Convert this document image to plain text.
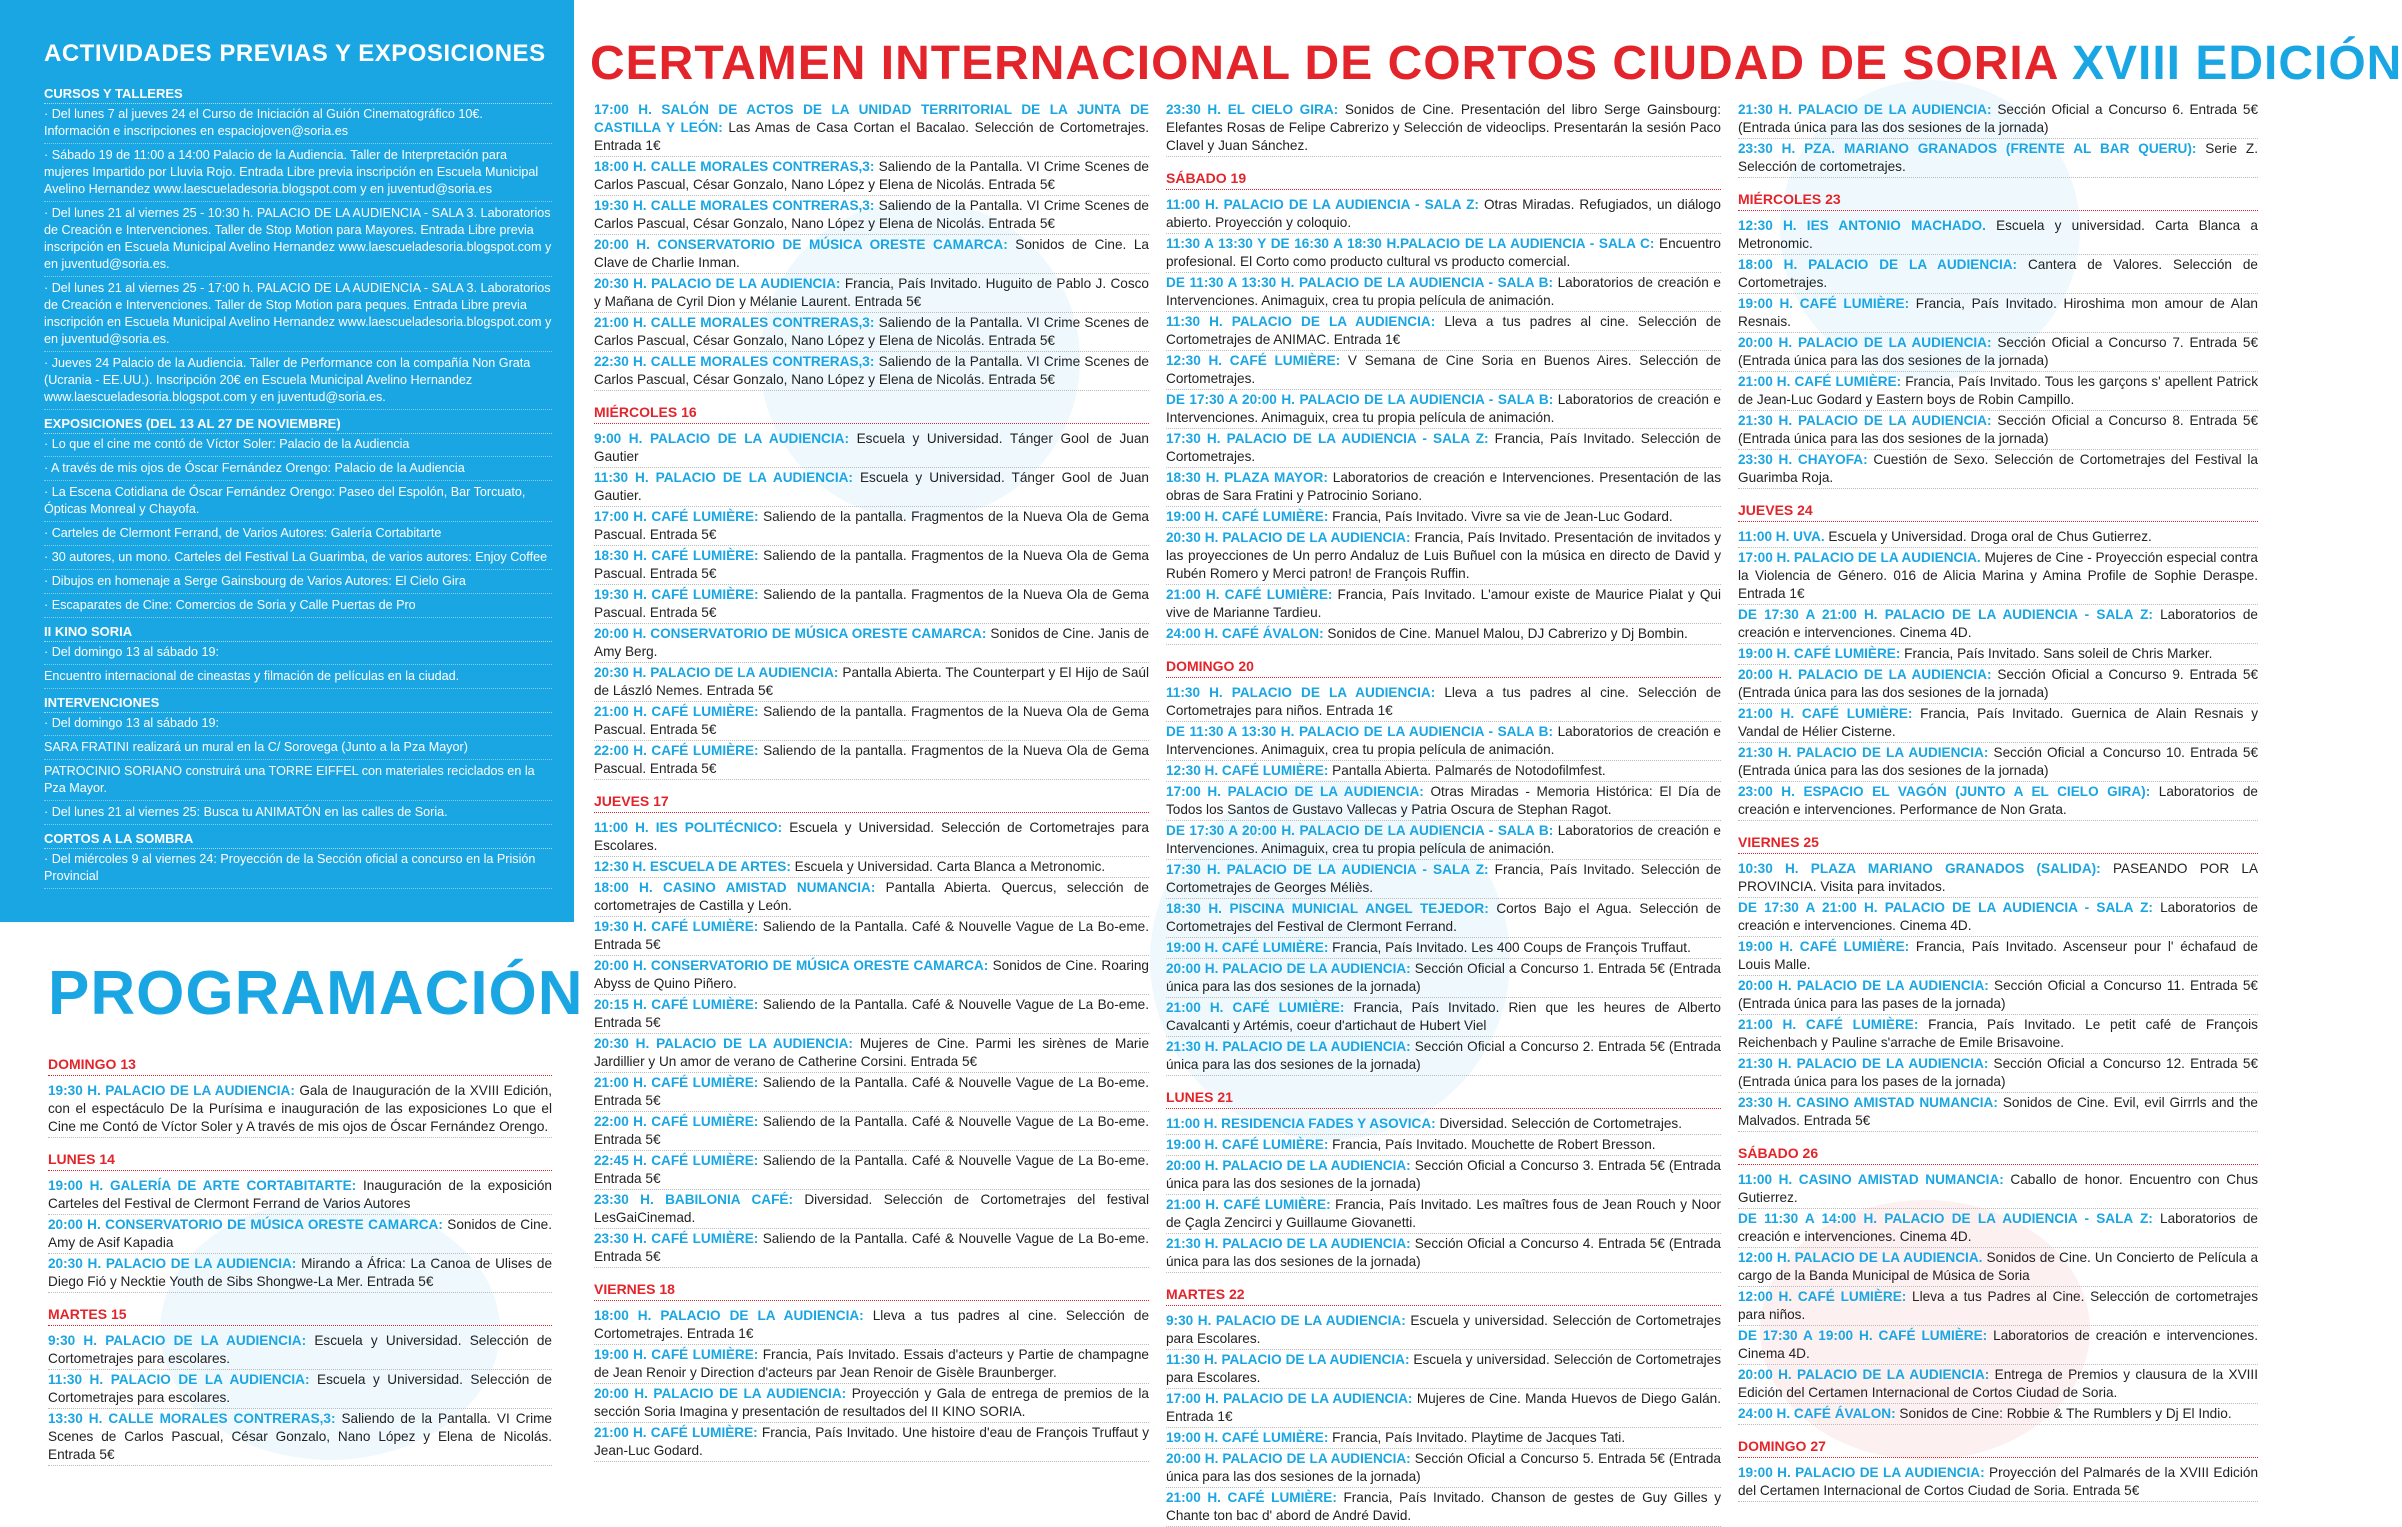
ACTIVIDADES PREVIAS Y EXPOSICIONES
CURSOS Y TALLERES
· Del lunes 7 al jueves 24 el Curso de Iniciación al Guión Cinematográfico 10€. Información e inscripciones en espaciojoven@soria.es
· Sábado 19 de 11:00 a 14:00 Palacio de la Audiencia. Taller de Interpretación para mujeres Impartido por Lluvia Rojo. Entrada Libre previa inscripción en Escuela Municipal Avelino Hernandez www.laescueladesoria.blogspot.com y en juventud@soria.es
· Del lunes 21 al viernes 25 - 10:30 h. PALACIO DE LA AUDIENCIA - SALA 3. Laboratorios de Creación e Intervenciones. Taller de Stop Motion para Mayores. Entrada Libre previa inscripción en Escuela Municipal Avelino Hernandez www.laescueladesoria.blogspot.com y en juventud@soria.es.
· Del lunes 21 al viernes 25 - 17:00 h. PALACIO DE LA AUDIENCIA - SALA 3. Laboratorios de Creación e Intervenciones. Taller de Stop Motion para peques. Entrada Libre previa inscripción en Escuela Municipal Avelino Hernandez www.laescueladesoria.blogspot.com y en juventud@soria.es.
· Jueves 24 Palacio de la Audiencia. Taller de Performance con la compañía Non Grata (Ucrania - EE.UU.). Inscripción 20€ en Escuela Municipal Avelino Hernandez www.laescueladesoria.blogspot.com y en juventud@soria.es.
EXPOSICIONES (DEL 13 AL 27 DE NOVIEMBRE)
· Lo que el cine me contó de Víctor Soler: Palacio de la Audiencia
· A través de mis ojos de Óscar Fernández Orengo: Palacio de la Audiencia
· La Escena Cotidiana de Óscar Fernández Orengo: Paseo del Espolón, Bar Torcuato, Ópticas Monreal y Chayofa.
· Carteles de Clermont Ferrand, de Varios Autores: Galería Cortabitarte
· 30 autores, un mono. Carteles del Festival La Guarimba, de varios autores: Enjoy Coffee
· Dibujos en homenaje a Serge Gainsbourg de Varios Autores: El Cielo Gira
· Escaparates de Cine: Comercios de Soria y Calle Puertas de Pro
II KINO SORIA
· Del domingo 13 al sábado 19:
Encuentro internacional de cineastas y filmación de películas en la ciudad.
INTERVENCIONES
· Del domingo 13 al sábado 19:
SARA FRATINI realizará un mural en la C/ Sorovega (Junto a la Pza Mayor)
PATROCINIO SORIANO construirá una TORRE EIFFEL con materiales reciclados en la Pza Mayor.
· Del lunes 21 al viernes 25: Busca tu ANIMATÓN en las calles de Soria.
CORTOS A LA SOMBRA
· Del miércoles 9 al viernes 24: Proyección de la Sección oficial a concurso en la Prisión Provincial
PROGRAMACIÓN
DOMINGO 13
19:30 H. PALACIO DE LA AUDIENCIA: Gala de Inauguración de la XVIII Edición, con el espectáculo De la Purísima e inauguración de las exposiciones Lo que el Cine me Contó de Víctor Soler y A través de mis ojos de Óscar Fernández Orengo.
LUNES 14
19:00 H. GALERÍA DE ARTE CORTABITARTE: Inauguración de la exposición Carteles del Festival de Clermont Ferrand de Varios Autores
20:00 H. CONSERVATORIO DE MÚSICA ORESTE CAMARCA: Sonidos de Cine. Amy de Asif Kapadia
20:30 H. PALACIO DE LA AUDIENCIA: Mirando a África: La Canoa de Ulises de Diego Fió y Necktie Youth de Sibs Shongwe-La Mer. Entrada 5€
MARTES 15
9:30 H. PALACIO DE LA AUDIENCIA: Escuela y Universidad. Selección de Cortometrajes para escolares.
11:30 H. PALACIO DE LA AUDIENCIA: Escuela y Universidad. Selección de Cortometrajes para escolares.
13:30 H. CALLE MORALES CONTRERAS,3: Saliendo de la Pantalla. VI Crime Scenes de Carlos Pascual, César Gonzalo, Nano López y Elena de Nicolás. Entrada 5€
CERTAMEN INTERNACIONAL DE CORTOS CIUDAD DE SORIA XVIII EDICIÓN
17:00 H. SALÓN DE ACTOS DE LA UNIDAD TERRITORIAL DE LA JUNTA DE CASTILLA Y LEÓN: Las Amas de Casa Cortan el Bacalao. Selección de Cortometrajes. Entrada 1€
18:00 H. CALLE MORALES CONTRERAS,3: Saliendo de la Pantalla. VI Crime Scenes de Carlos Pascual, César Gonzalo, Nano López y Elena de Nicolás. Entrada 5€
19:30 H. CALLE MORALES CONTRERAS,3: Saliendo de la Pantalla. VI Crime Scenes de Carlos Pascual, César Gonzalo, Nano López y Elena de Nicolás. Entrada 5€
20:00 H. CONSERVATORIO DE MÚSICA ORESTE CAMARCA: Sonidos de Cine. La Clave de Charlie Inman.
20:30 H. PALACIO DE LA AUDIENCIA: Francia, País Invitado. Huguito de Pablo J. Cosco y Mañana de Cyril Dion y Mélanie Laurent. Entrada 5€
21:00 H. CALLE MORALES CONTRERAS,3: Saliendo de la Pantalla. VI Crime Scenes de Carlos Pascual, César Gonzalo, Nano López y Elena de Nicolás. Entrada 5€
22:30 H. CALLE MORALES CONTRERAS,3: Saliendo de la Pantalla. VI Crime Scenes de Carlos Pascual, César Gonzalo, Nano López y Elena de Nicolás. Entrada 5€
MIÉRCOLES 16
9:00 H. PALACIO DE LA AUDIENCIA: Escuela y Universidad. Tánger Gool de Juan Gautier
11:30 H. PALACIO DE LA AUDIENCIA: Escuela y Universidad. Tánger Gool de Juan Gautier.
17:00 H. CAFÉ LUMIÈRE: Saliendo de la pantalla. Fragmentos de la Nueva Ola de Gema Pascual. Entrada 5€
18:30 H. CAFÉ LUMIÈRE: Saliendo de la pantalla. Fragmentos de la Nueva Ola de Gema Pascual. Entrada 5€
19:30 H. CAFÉ LUMIÈRE: Saliendo de la pantalla. Fragmentos de la Nueva Ola de Gema Pascual. Entrada 5€
20:00 H. CONSERVATORIO DE MÚSICA ORESTE CAMARCA: Sonidos de Cine. Janis de Amy Berg.
20:30 H. PALACIO DE LA AUDIENCIA: Pantalla Abierta. The Counterpart y El Hijo de Saúl de László Nemes. Entrada 5€
21:00 H. CAFÉ LUMIÈRE: Saliendo de la pantalla. Fragmentos de la Nueva Ola de Gema Pascual. Entrada 5€
22:00 H. CAFÉ LUMIÈRE: Saliendo de la pantalla. Fragmentos de la Nueva Ola de Gema Pascual. Entrada 5€
JUEVES 17
11:00 H. IES POLITÉCNICO: Escuela y Universidad. Selección de Cortometrajes para Escolares.
12:30 H. ESCUELA DE ARTES: Escuela y Universidad. Carta Blanca a Metronomic.
18:00 H. CASINO AMISTAD NUMANCIA: Pantalla Abierta. Quercus, selección de cortometrajes de Castilla y León.
19:30 H. CAFÉ LUMIÈRE: Saliendo de la Pantalla. Café & Nouvelle Vague de La Bo-eme. Entrada 5€
20:00 H. CONSERVATORIO DE MÚSICA ORESTE CAMARCA: Sonidos de Cine. Roaring Abyss de Quino Piñero.
20:15 H. CAFÉ LUMIÈRE: Saliendo de la Pantalla. Café & Nouvelle Vague de La Bo-eme. Entrada 5€
20:30 H. PALACIO DE LA AUDIENCIA: Mujeres de Cine. Parmi les sirènes de Marie Jardillier y Un amor de verano de Catherine Corsini. Entrada 5€
21:00 H. CAFÉ LUMIÈRE: Saliendo de la Pantalla. Café & Nouvelle Vague de La Bo-eme. Entrada 5€
22:00 H. CAFÉ LUMIÈRE: Saliendo de la Pantalla. Café & Nouvelle Vague de La Bo-eme. Entrada 5€
22:45 H. CAFÉ LUMIÈRE: Saliendo de la Pantalla. Café & Nouvelle Vague de La Bo-eme. Entrada 5€
23:30 H. BABILONIA CAFÉ: Diversidad. Selección de Cortometrajes del festival LesGaiCinemad.
23:30 H. CAFÉ LUMIÈRE: Saliendo de la Pantalla. Café & Nouvelle Vague de La Bo-eme. Entrada 5€
VIERNES 18
18:00 H. PALACIO DE LA AUDIENCIA: Lleva a tus padres al cine. Selección de Cortometrajes. Entrada 1€
19:00 H. CAFÉ LUMIÈRE: Francia, País Invitado. Essais d'acteurs y Partie de champagne de Jean Renoir y Direction d'acteurs par Jean Renoir de Gisèle Braunberger.
20:00 H. PALACIO DE LA AUDIENCIA: Proyección y Gala de entrega de premios de la sección Soria Imagina y presentación de resultados del II KINO SORIA.
21:00 H. CAFÉ LUMIÈRE: Francia, País Invitado. Une histoire d'eau de François Truffaut y Jean-Luc Godard.
23:30 H. EL CIELO GIRA: Sonidos de Cine. Presentación del libro Serge Gainsbourg: Elefantes Rosas de Felipe Cabrerizo y Selección de videoclips. Presentarán la sesión Paco Clavel y Juan Sánchez.
SÁBADO 19
11:00 H. PALACIO DE LA AUDIENCIA - SALA Z: Otras Miradas. Refugiados, un diálogo abierto. Proyección y coloquio.
11:30 A 13:30 Y DE 16:30 A 18:30 H.PALACIO DE LA AUDIENCIA - SALA C: Encuentro profesional. El Corto como producto cultural vs producto comercial.
DE 11:30 A 13:30 H. PALACIO DE LA AUDIENCIA - SALA B: Laboratorios de creación e Intervenciones. Animaguix, crea tu propia película de animación.
11:30 H. PALACIO DE LA AUDIENCIA: Lleva a tus padres al cine. Selección de Cortometrajes de ANIMAC. Entrada 1€
12:30 H. CAFÉ LUMIÈRE: V Semana de Cine Soria en Buenos Aires. Selección de Cortometrajes.
DE 17:30 A 20:00 H. PALACIO DE LA AUDIENCIA - SALA B: Laboratorios de creación e Intervenciones. Animaguix, crea tu propia película de animación.
17:30 H. PALACIO DE LA AUDIENCIA - SALA Z: Francia, País Invitado. Selección de Cortometrajes.
18:30 H. PLAZA MAYOR: Laboratorios de creación e Intervenciones. Presentación de las obras de Sara Fratini y Patrocinio Soriano.
19:00 H. CAFÉ LUMIÈRE: Francia, País Invitado. Vivre sa vie de Jean-Luc Godard.
20:30 H. PALACIO DE LA AUDIENCIA: Francia, País Invitado. Presentación de invitados y las proyecciones de Un perro Andaluz de Luis Buñuel con la música en directo de David y Rubén Romero y Merci patron! de François Ruffin.
21:00 H. CAFÉ LUMIÈRE: Francia, País Invitado. L'amour existe de Maurice Pialat y Qui vive de Marianne Tardieu.
24:00 H. CAFÉ ÁVALON: Sonidos de Cine. Manuel Malou, DJ Cabrerizo y Dj Bombin.
DOMINGO 20
11:30 H. PALACIO DE LA AUDIENCIA: Lleva a tus padres al cine. Selección de Cortometrajes para niños. Entrada 1€
DE 11:30 A 13:30 H. PALACIO DE LA AUDIENCIA - SALA B: Laboratorios de creación e Intervenciones. Animaguix, crea tu propia película de animación.
12:30 H. CAFÉ LUMIÈRE: Pantalla Abierta. Palmarés de Notodofilmfest.
17:00 H. PALACIO DE LA AUDIENCIA: Otras Miradas - Memoria Histórica: El Día de Todos los Santos de Gustavo Vallecas y Patria Oscura de Stephan Ragot.
DE 17:30 A 20:00 H. PALACIO DE LA AUDIENCIA - SALA B: Laboratorios de creación e Intervenciones. Animaguix, crea tu propia película de animación.
17:30 H. PALACIO DE LA AUDIENCIA - SALA Z: Francia, País Invitado. Selección de Cortometrajes de Georges Méliès.
18:30 H. PISCINA MUNICIAL ANGEL TEJEDOR: Cortos Bajo el Agua. Selección de Cortometrajes del Festival de Clermont Ferrand.
19:00 H. CAFÉ LUMIÈRE: Francia, País Invitado. Les 400 Coups de François Truffaut.
20:00 H. PALACIO DE LA AUDIENCIA: Sección Oficial a Concurso 1. Entrada 5€ (Entrada única para las dos sesiones de la jornada)
21:00 H. CAFÉ LUMIÈRE: Francia, País Invitado. Rien que les heures de Alberto Cavalcanti y Artémis, coeur d'artichaut de Hubert Viel
21:30 H. PALACIO DE LA AUDIENCIA: Sección Oficial a Concurso 2. Entrada 5€ (Entrada única para las dos sesiones de la jornada)
LUNES 21
11:00 H. RESIDENCIA FADES Y ASOVICA: Diversidad. Selección de Cortometrajes.
19:00 H. CAFÉ LUMIÈRE: Francia, País Invitado. Mouchette de Robert Bresson.
20:00 H. PALACIO DE LA AUDIENCIA: Sección Oficial a Concurso 3. Entrada 5€ (Entrada única para las dos sesiones de la jornada)
21:00 H. CAFÉ LUMIÈRE: Francia, País Invitado. Les maîtres fous de Jean Rouch y Noor de Çagla Zencirci y Guillaume Giovanetti.
21:30 H. PALACIO DE LA AUDIENCIA: Sección Oficial a Concurso 4. Entrada 5€ (Entrada única para las dos sesiones de la jornada)
MARTES 22
9:30 H. PALACIO DE LA AUDIENCIA: Escuela y universidad. Selección de Cortometrajes para Escolares.
11:30 H. PALACIO DE LA AUDIENCIA: Escuela y universidad. Selección de Cortometrajes para Escolares.
17:00 H. PALACIO DE LA AUDIENCIA: Mujeres de Cine. Manda Huevos de Diego Galán. Entrada 1€
19:00 H. CAFÉ LUMIÈRE: Francia, País Invitado. Playtime de Jacques Tati.
20:00 H. PALACIO DE LA AUDIENCIA: Sección Oficial a Concurso 5. Entrada 5€ (Entrada única para las dos sesiones de la jornada)
21:00 H. CAFÉ LUMIÈRE: Francia, País Invitado. Chanson de gestes de Guy Gilles y Chante ton bac d' abord de André David.
21:30 H. PALACIO DE LA AUDIENCIA: Sección Oficial a Concurso 6. Entrada 5€ (Entrada única para las dos sesiones de la jornada)
23:30 H. PZA. MARIANO GRANADOS (FRENTE AL BAR QUERU): Serie Z. Selección de cortometrajes.
MIÉRCOLES 23
12:30 H. IES ANTONIO MACHADO. Escuela y universidad. Carta Blanca a Metronomic.
18:00 H. PALACIO DE LA AUDIENCIA: Cantera de Valores. Selección de Cortometrajes.
19:00 H. CAFÉ LUMIÈRE: Francia, País Invitado. Hiroshima mon amour de Alan Resnais.
20:00 H. PALACIO DE LA AUDIENCIA: Sección Oficial a Concurso 7. Entrada 5€ (Entrada única para las dos sesiones de la jornada)
21:00 H. CAFÉ LUMIÈRE: Francia, País Invitado. Tous les garçons s' apellent Patrick de Jean-Luc Godard y Eastern boys de Robin Campillo.
21:30 H. PALACIO DE LA AUDIENCIA: Sección Oficial a Concurso 8. Entrada 5€ (Entrada única para las dos sesiones de la jornada)
23:30 H. CHAYOFA: Cuestión de Sexo. Selección de Cortometrajes del Festival la Guarimba Roja.
JUEVES 24
11:00 H. UVA. Escuela y Universidad. Droga oral de Chus Gutierrez.
17:00 H. PALACIO DE LA AUDIENCIA. Mujeres de Cine - Proyección especial contra la Violencia de Género. 016 de Alicia Marina y Amina Profile de Sophie Deraspe. Entrada 1€
DE 17:30 A 21:00 H. PALACIO DE LA AUDIENCIA - SALA Z: Laboratorios de creación e intervenciones. Cinema 4D.
19:00 H. CAFÉ LUMIÈRE: Francia, País Invitado. Sans soleil de Chris Marker.
20:00 H. PALACIO DE LA AUDIENCIA: Sección Oficial a Concurso 9. Entrada 5€ (Entrada única para las dos sesiones de la jornada)
21:00 H. CAFÉ LUMIÈRE: Francia, País Invitado. Guernica de Alain Resnais y Vandal de Hélier Cisterne.
21:30 H. PALACIO DE LA AUDIENCIA: Sección Oficial a Concurso 10. Entrada 5€ (Entrada única para las dos sesiones de la jornada)
23:00 H. ESPACIO EL VAGÓN (JUNTO A EL CIELO GIRA): Laboratorios de creación e intervenciones. Performance de Non Grata.
VIERNES 25
10:30 H. PLAZA MARIANO GRANADOS (SALIDA): PASEANDO POR LA PROVINCIA. Visita para invitados.
DE 17:30 A 21:00 H. PALACIO DE LA AUDIENCIA - SALA Z: Laboratorios de creación e intervenciones. Cinema 4D.
19:00 H. CAFÉ LUMIÈRE: Francia, País Invitado. Ascenseur pour l' échafaud de Louis Malle.
20:00 H. PALACIO DE LA AUDIENCIA: Sección Oficial a Concurso 11. Entrada 5€ (Entrada única para las pases de la jornada)
21:00 H. CAFÉ LUMIÈRE: Francia, País Invitado. Le petit café de François Reichenbach y Pauline s'arrache de Emile Brisavoine.
21:30 H. PALACIO DE LA AUDIENCIA: Sección Oficial a Concurso 12. Entrada 5€ (Entrada única para los pases de la jornada)
23:30 H. CASINO AMISTAD NUMANCIA: Sonidos de Cine. Evil, evil Girrrls and the Malvados. Entrada 5€
SÁBADO 26
11:00 H. CASINO AMISTAD NUMANCIA: Caballo de honor. Encuentro con Chus Gutierrez.
DE 11:30 A 14:00 H. PALACIO DE LA AUDIENCIA - SALA Z: Laboratorios de creación e intervenciones. Cinema 4D.
12:00 H. PALACIO DE LA AUDIENCIA. Sonidos de Cine. Un Concierto de Película a cargo de la Banda Municipal de Música de Soria
12:00 H. CAFÉ LUMIÈRE: Lleva a tus Padres al Cine. Selección de cortometrajes para niños.
DE 17:30 A 19:00 H. CAFÉ LUMIÈRE: Laboratorios de creación e intervenciones. Cinema 4D.
20:00 H. PALACIO DE LA AUDIENCIA: Entrega de Premios y clausura de la XVIII Edición del Certamen Internacional de Cortos Ciudad de Soria.
24:00 H. CAFÉ ÁVALON: Sonidos de Cine: Robbie & The Rumblers y Dj El Indio.
DOMINGO 27
19:00 H. PALACIO DE LA AUDIENCIA: Proyección del Palmarés de la XVIII Edición del Certamen Internacional de Cortos Ciudad de Soria. Entrada 5€
